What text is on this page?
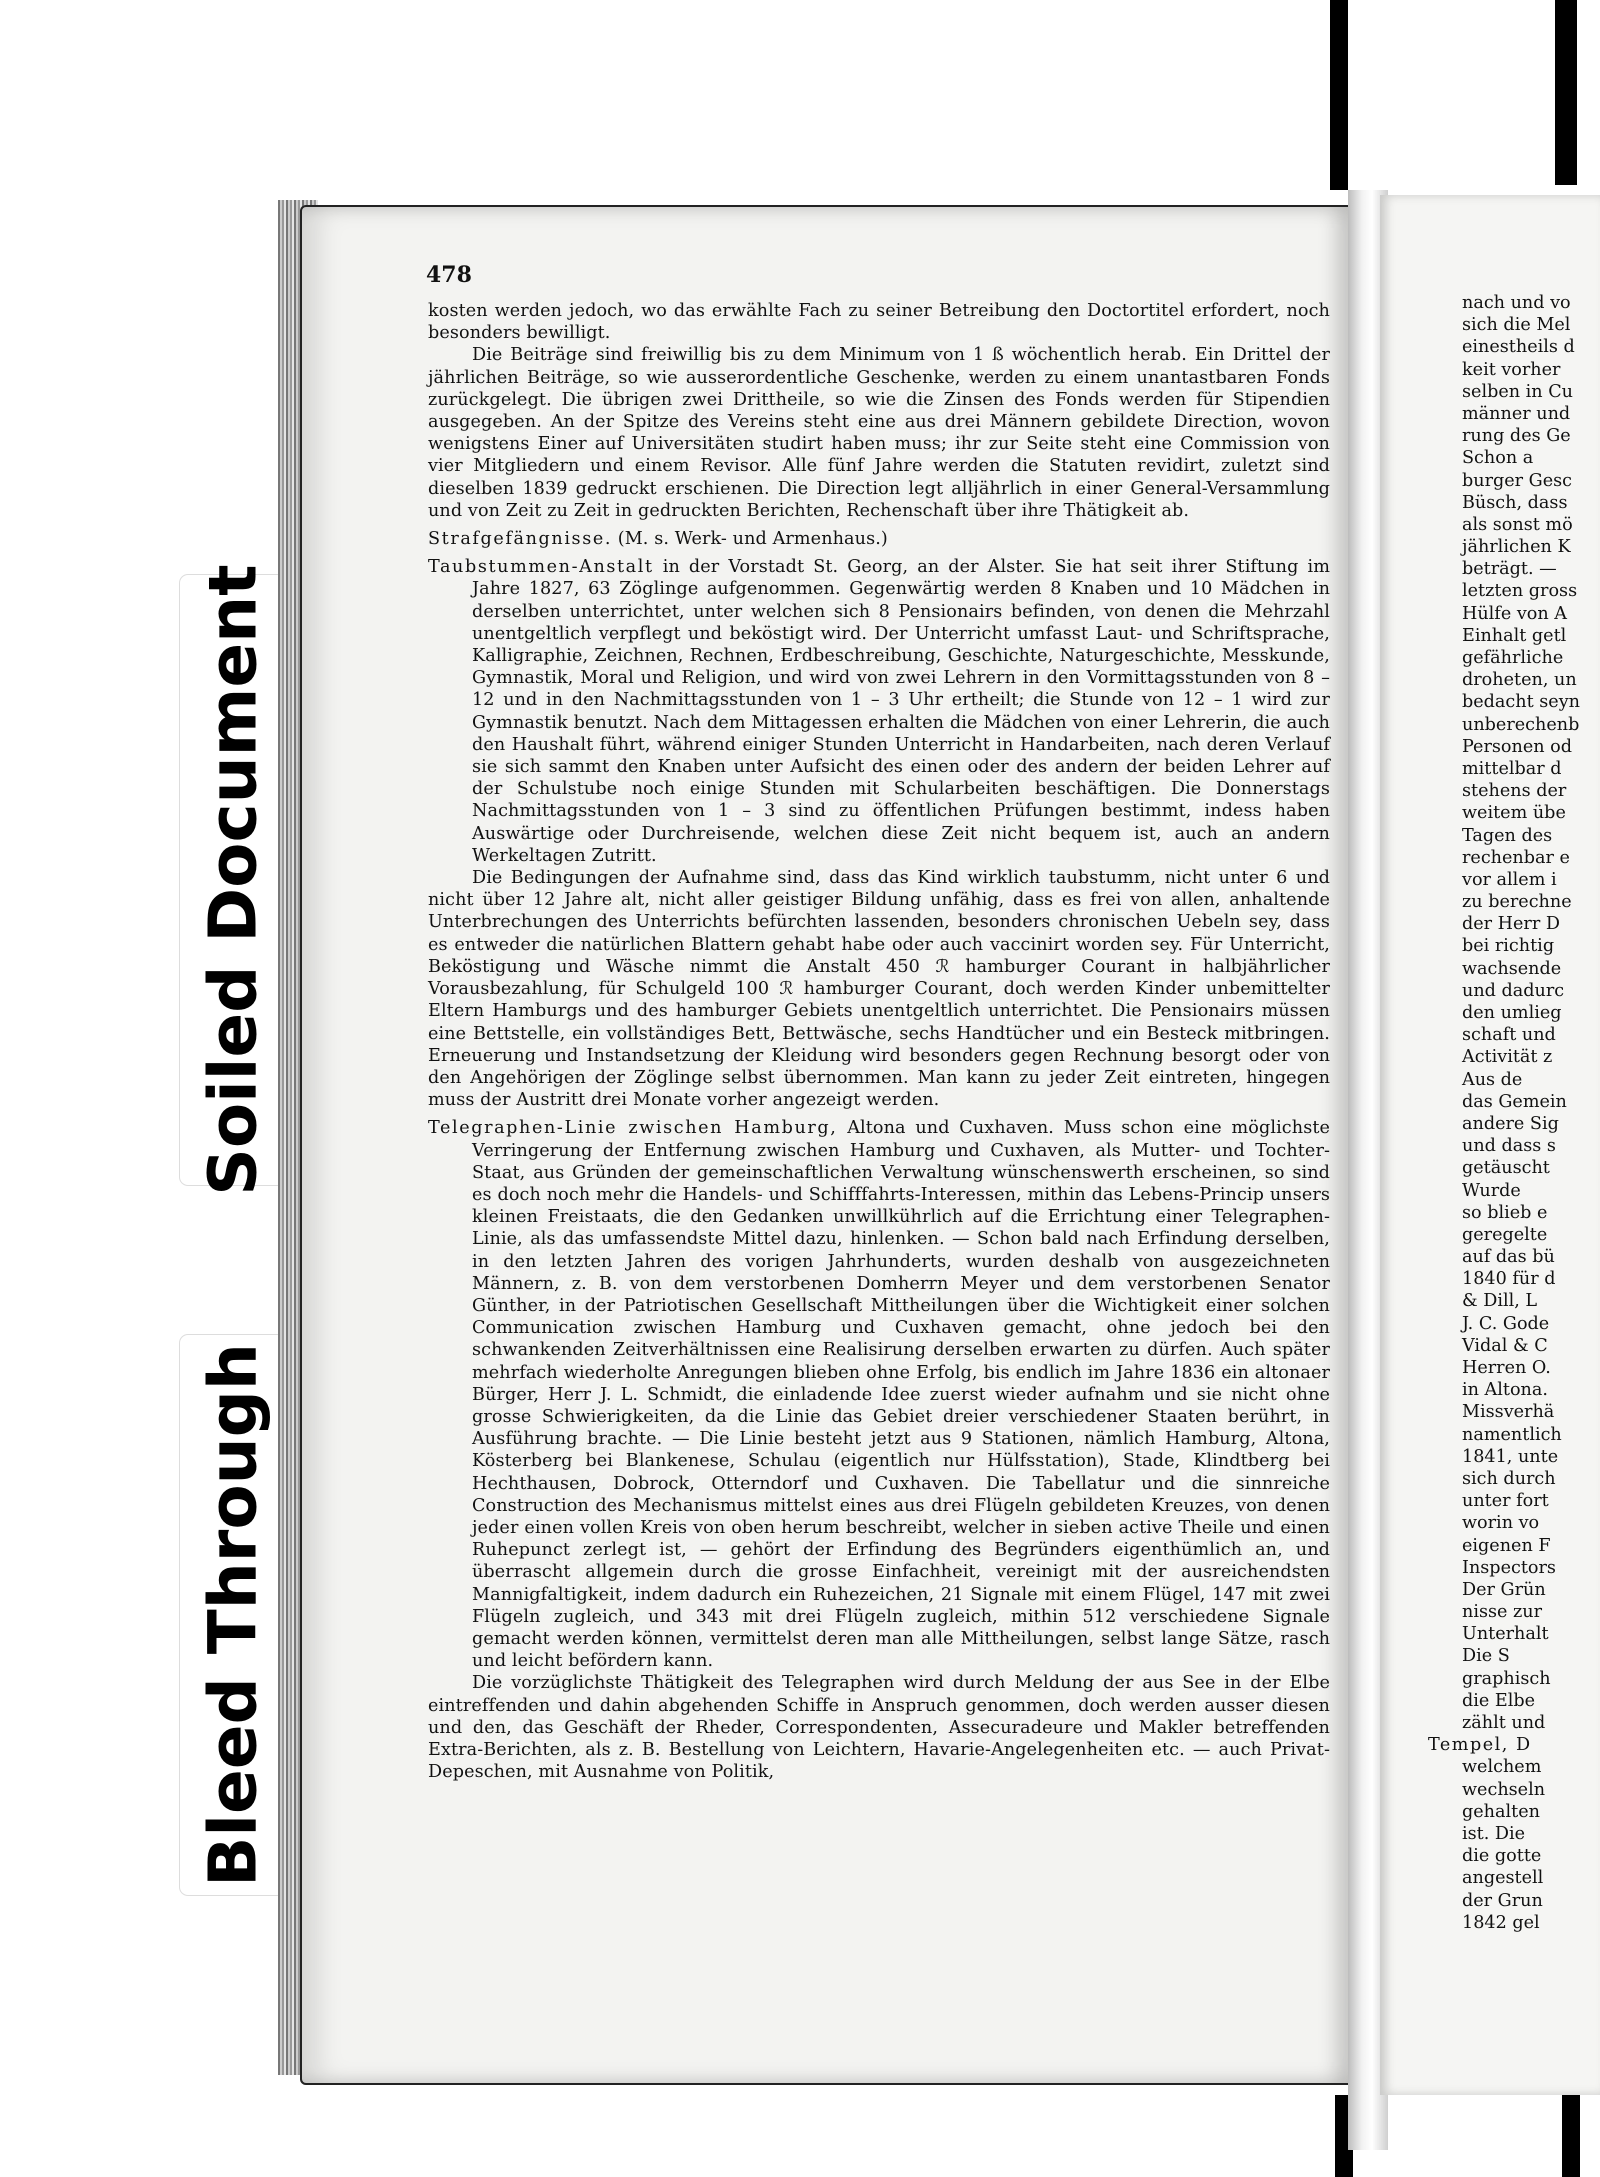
Soiled Document
Bleed Through
478

kosten werden jedoch, wo das erwählte Fach zu seiner Betreibung den Doctortitel erfordert, noch besonders bewilligt.

Die Beiträge sind freiwillig bis zu dem Minimum von 1 ß wöchentlich herab. Ein Drittel der jährlichen Beiträge, so wie ausserordentliche Geschenke, werden zu einem unantastbaren Fonds zurückgelegt. Die übrigen zwei Drittheile, so wie die Zinsen des Fonds werden für Stipendien ausgegeben. An der Spitze des Vereins steht eine aus drei Männern gebildete Direction, wovon wenigstens Einer auf Universitäten studirt haben muss; ihr zur Seite steht eine Commission von vier Mitgliedern und einem Revisor. Alle fünf Jahre werden die Statuten revidirt, zuletzt sind dieselben 1839 gedruckt erschienen. Die Direction legt alljährlich in einer General-Versammlung und von Zeit zu Zeit in gedruckten Berichten, Rechenschaft über ihre Thätigkeit ab.

Strafgefängnisse. (M. s. Werk- und Armenhaus.)

Taubstummen-Anstalt in der Vorstadt St. Georg, an der Alster. Sie hat seit ihrer Stiftung im Jahre 1827, 63 Zöglinge aufgenommen. Gegenwärtig werden 8 Knaben und 10 Mädchen in derselben unterrichtet, unter welchen sich 8 Pensionairs befinden, von denen die Mehrzahl unentgeltlich verpflegt und beköstigt wird. Der Unterricht umfasst Laut- und Schriftsprache, Kalligraphie, Zeichnen, Rechnen, Erdbeschreibung, Geschichte, Naturgeschichte, Messkunde, Gymnastik, Moral und Religion, und wird von zwei Lehrern in den Vormittagsstunden von 8 – 12 und in den Nachmittagsstunden von 1 – 3 Uhr ertheilt; die Stunde von 12 – 1 wird zur Gymnastik benutzt. Nach dem Mittagessen erhalten die Mädchen von einer Lehrerin, die auch den Haushalt führt, während einiger Stunden Unterricht in Handarbeiten, nach deren Verlauf sie sich sammt den Knaben unter Aufsicht des einen oder des andern der beiden Lehrer auf der Schulstube noch einige Stunden mit Schularbeiten beschäftigen. Die Donnerstags Nachmittagsstunden von 1 – 3 sind zu öffentlichen Prüfungen bestimmt, indess haben Auswärtige oder Durchreisende, welchen diese Zeit nicht bequem ist, auch an andern Werkeltagen Zutritt.

Die Bedingungen der Aufnahme sind, dass das Kind wirklich taubstumm, nicht unter 6 und nicht über 12 Jahre alt, nicht aller geistiger Bildung unfähig, dass es frei von allen, anhaltende Unterbrechungen des Unterrichts befürchten lassenden, besonders chronischen Uebeln sey, dass es entweder die natürlichen Blattern gehabt habe oder auch vaccinirt worden sey. Für Unterricht, Beköstigung und Wäsche nimmt die Anstalt 450 ℛ hamburger Courant in halbjährlicher Vorausbezahlung, für Schulgeld 100 ℛ hamburger Courant, doch werden Kinder unbemittelter Eltern Hamburgs und des hamburger Gebiets unentgeltlich unterrichtet. Die Pensionairs müssen eine Bettstelle, ein vollständiges Bett, Bettwäsche, sechs Handtücher und ein Besteck mitbringen. Erneuerung und Instandsetzung der Kleidung wird besonders gegen Rechnung besorgt oder von den Angehörigen der Zöglinge selbst übernommen. Man kann zu jeder Zeit eintreten, hingegen muss der Austritt drei Monate vorher angezeigt werden.

Telegraphen-Linie zwischen Hamburg, Altona und Cuxhaven. Muss schon eine möglichste Verringerung der Entfernung zwischen Hamburg und Cuxhaven, als Mutter- und Tochter-Staat, aus Gründen der gemeinschaftlichen Verwaltung wünschenswerth erscheinen, so sind es doch noch mehr die Handels- und Schifffahrts-Interessen, mithin das Lebens-Princip unsers kleinen Freistaats, die den Gedanken unwillkührlich auf die Errichtung einer Telegraphen-Linie, als das umfassendste Mittel dazu, hinlenken. — Schon bald nach Erfindung derselben, in den letzten Jahren des vorigen Jahrhunderts, wurden deshalb von ausgezeichneten Männern, z. B. von dem verstorbenen Domherrn Meyer und dem verstorbenen Senator Günther, in der Patriotischen Gesellschaft Mittheilungen über die Wichtigkeit einer solchen Communication zwischen Hamburg und Cuxhaven gemacht, ohne jedoch bei den schwankenden Zeitverhältnissen eine Realisirung derselben erwarten zu dürfen. Auch später mehrfach wiederholte Anregungen blieben ohne Erfolg, bis endlich im Jahre 1836 ein altonaer Bürger, Herr J. L. Schmidt, die einladende Idee zuerst wieder aufnahm und sie nicht ohne grosse Schwierigkeiten, da die Linie das Gebiet dreier verschiedener Staaten berührt, in Ausführung brachte. — Die Linie besteht jetzt aus 9 Stationen, nämlich Hamburg, Altona, Kösterberg bei Blankenese, Schulau (eigentlich nur Hülfsstation), Stade, Klindtberg bei Hechthausen, Dobrock, Otterndorf und Cuxhaven. Die Tabellatur und die sinnreiche Construction des Mechanismus mittelst eines aus drei Flügeln gebildeten Kreuzes, von denen jeder einen vollen Kreis von oben herum beschreibt, welcher in sieben active Theile und einen Ruhepunct zerlegt ist, — gehört der Erfindung des Begründers eigenthümlich an, und überrascht allgemein durch die grosse Einfachheit, vereinigt mit der ausreichendsten Mannigfaltigkeit, indem dadurch ein Ruhezeichen, 21 Signale mit einem Flügel, 147 mit zwei Flügeln zugleich, und 343 mit drei Flügeln zugleich, mithin 512 verschiedene Signale gemacht werden können, vermittelst deren man alle Mittheilungen, selbst lange Sätze, rasch und leicht befördern kann.

Die vorzüglichste Thätigkeit des Telegraphen wird durch Meldung der aus See in der Elbe eintreffenden und dahin abgehenden Schiffe in Anspruch genommen, doch werden ausser diesen und den, das Geschäft der Rheder, Correspondenten, Assecuradeure und Makler betreffenden Extra-Berichten, als z. B. Bestellung von Leichtern, Havarie-Angelegenheiten etc. — auch Privat-Depeschen, mit Ausnahme von Politik,

nach und vo
sich die Mel
einestheils d
keit vorher
selben in Cu
männer und
rung des Ge
Schon a
burger Gesc
Büsch, dass
als sonst mö
jährlichen K
beträgt. —
letzten gross
Hülfe von A
Einhalt getl
gefährliche
droheten, un
bedacht seyn
unberechenb
Personen od
mittelbar d
stehens der
weitem übe
Tagen des
rechenbar e
vor allem i
zu berechne
der Herr D
bei richtig
wachsende
und dadurc
den umlieg
schaft und
Activität z
Aus de
das Gemein
andere Sig
und dass s
getäuscht
Wurde
so blieb e
geregelte
auf das bü
1840 für d
& Dill, L
J. C. Gode
Vidal & C
Herren O.
in Altona.
Missverhä
namentlich
1841, unte
sich durch
unter fort
worin vo
eigenen F
Inspectors
Der Grün
nisse zur
Unterhalt
Die S
graphisch
die Elbe
zählt und
Tempel, D
welchem
wechseln
gehalten
ist. Die
die gotte
angestell
der Grun
1842 gel
